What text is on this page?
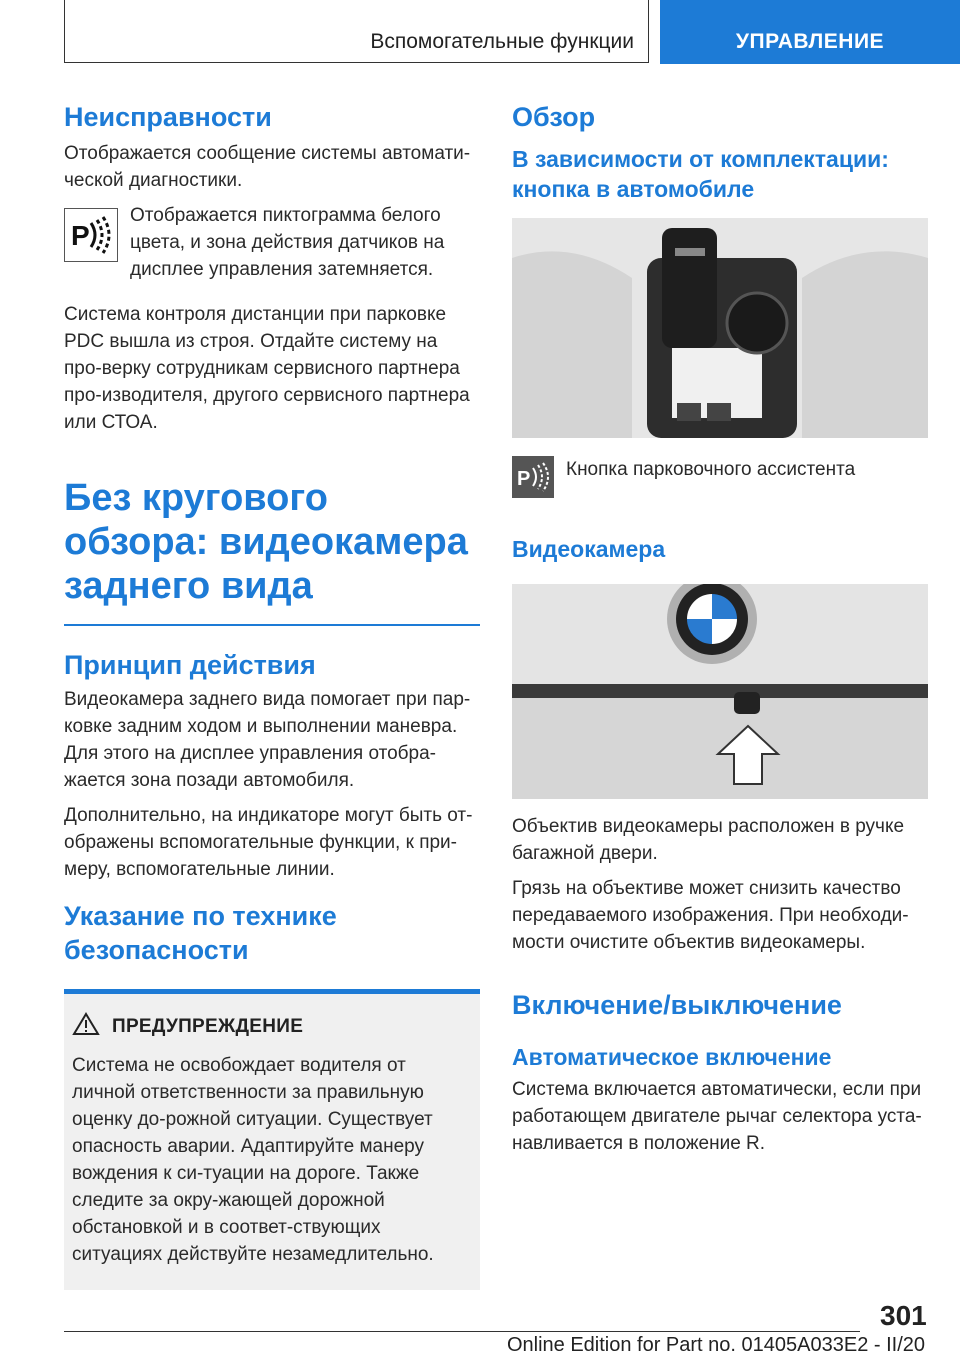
Вспомогательные функции	УПРАВЛЕНИЕ
Неисправности

Отображается сообщение системы автомати-ческой диагностики.

P

Отображается пиктограмма белого цвета, и зона действия датчиков на дисплее управления затемняется.

Система контроля дистанции при парковке PDC вышла из строя. Отдайте систему на про-верку сотрудникам сервисного партнера про-изводителя, другого сервисного партнера или СТОА.

Без кругового обзора: видеокамера заднего вида
Принцип действия

Видеокамера заднего вида помогает при пар-ковке задним ходом и выполнении маневра. Для этого на дисплее управления отобра-жается зона позади автомобиля.

Дополнительно, на индикаторе могут быть от-ображены вспомогательные функции, к при-меру, вспомогательные линии.

Указание по технике безопасности
ПРЕДУПРЕЖДЕНИЕ

Система не освобождает водителя от личной ответственности за правильную оценку до-рожной ситуации. Существует опасность аварии. Адаптируйте манеру вождения к си-туации на дороге. Также следите за окру-жающей дорожной обстановкой и в соответ-ствующих ситуациях действуйте незамедлительно.

Обзор
В зависимости от комплектации: кнопка в автомобиле
P Кнопка парковочного ассистента

Видеокамера

Объектив видеокамеры расположен в ручке багажной двери.

Грязь на объективе может снизить качество передаваемого изображения. При необходи-мости очистите объектив видеокамеры.

Включение/выключение
Автоматическое включение

Система включается автоматически, если при работающем двигателе рычаг селектора уста-навливается в положение R.

301
Online Edition for Part no. 01405A033E2 - II/20
